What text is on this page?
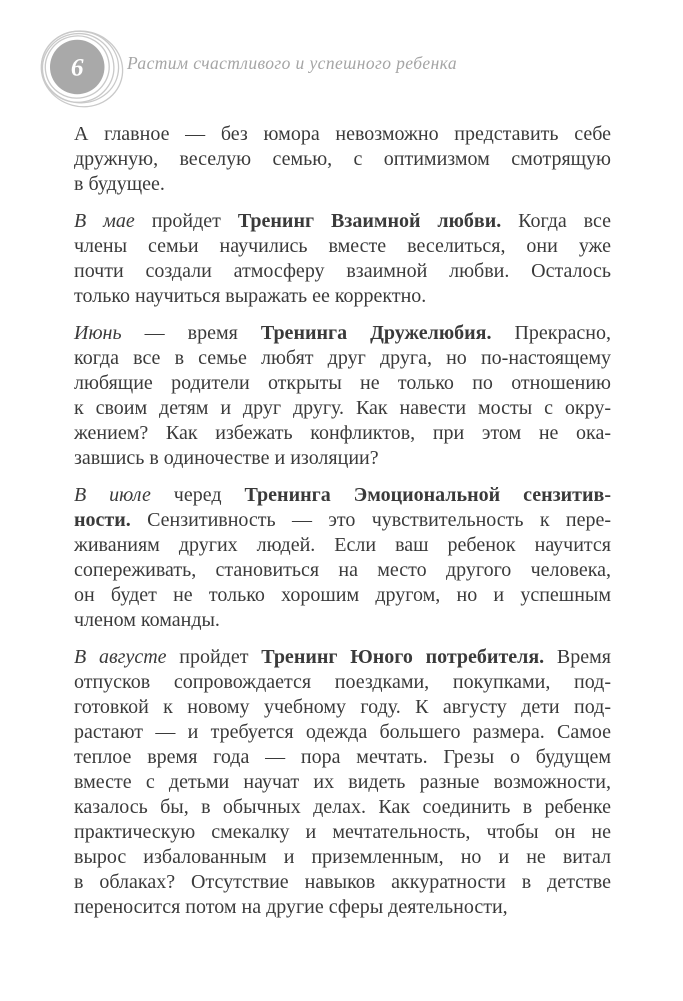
6 Растим счастливого и успешного ребенка
А главное — без юмора невозможно представить себе
дружную, веселую семью, с оптимизмом смотрящую
в будущее.
В мае пройдет Тренинг Взаимной любви. Когда все
члены семьи научились вместе веселиться, они уже
почти создали атмосферу взаимной любви. Осталось
только научиться выражать ее корректно.
Июнь — время Тренинга Дружелюбия. Прекрасно,
когда все в семье любят друг друга, но по-настоящему
любящие родители открыты не только по отношению
к своим детям и друг другу. Как навести мосты с окру-
жением? Как избежать конфликтов, при этом не ока-
завшись в одиночестве и изоляции?
В июле черед Тренинга Эмоциональной сензитив-
ности. Сензитивность — это чувствительность к пере-
живаниям других людей. Если ваш ребенок научится
сопереживать, становиться на место другого человека,
он будет не только хорошим другом, но и успешным
членом команды.
В августе пройдет Тренинг Юного потребителя. Время
отпусков сопровождается поездками, покупками, под-
готовкой к новому учебному году. К августу дети под-
растают — и требуется одежда большего размера. Самое
теплое время года — пора мечтать. Грезы о будущем
вместе с детьми научат их видеть разные возможности,
казалось бы, в обычных делах. Как соединить в ребенке
практическую смекалку и мечтательность, чтобы он не
вырос избалованным и приземленным, но и не витал
в облаках? Отсутствие навыков аккуратности в детстве
переносится потом на другие сферы деятельности,
